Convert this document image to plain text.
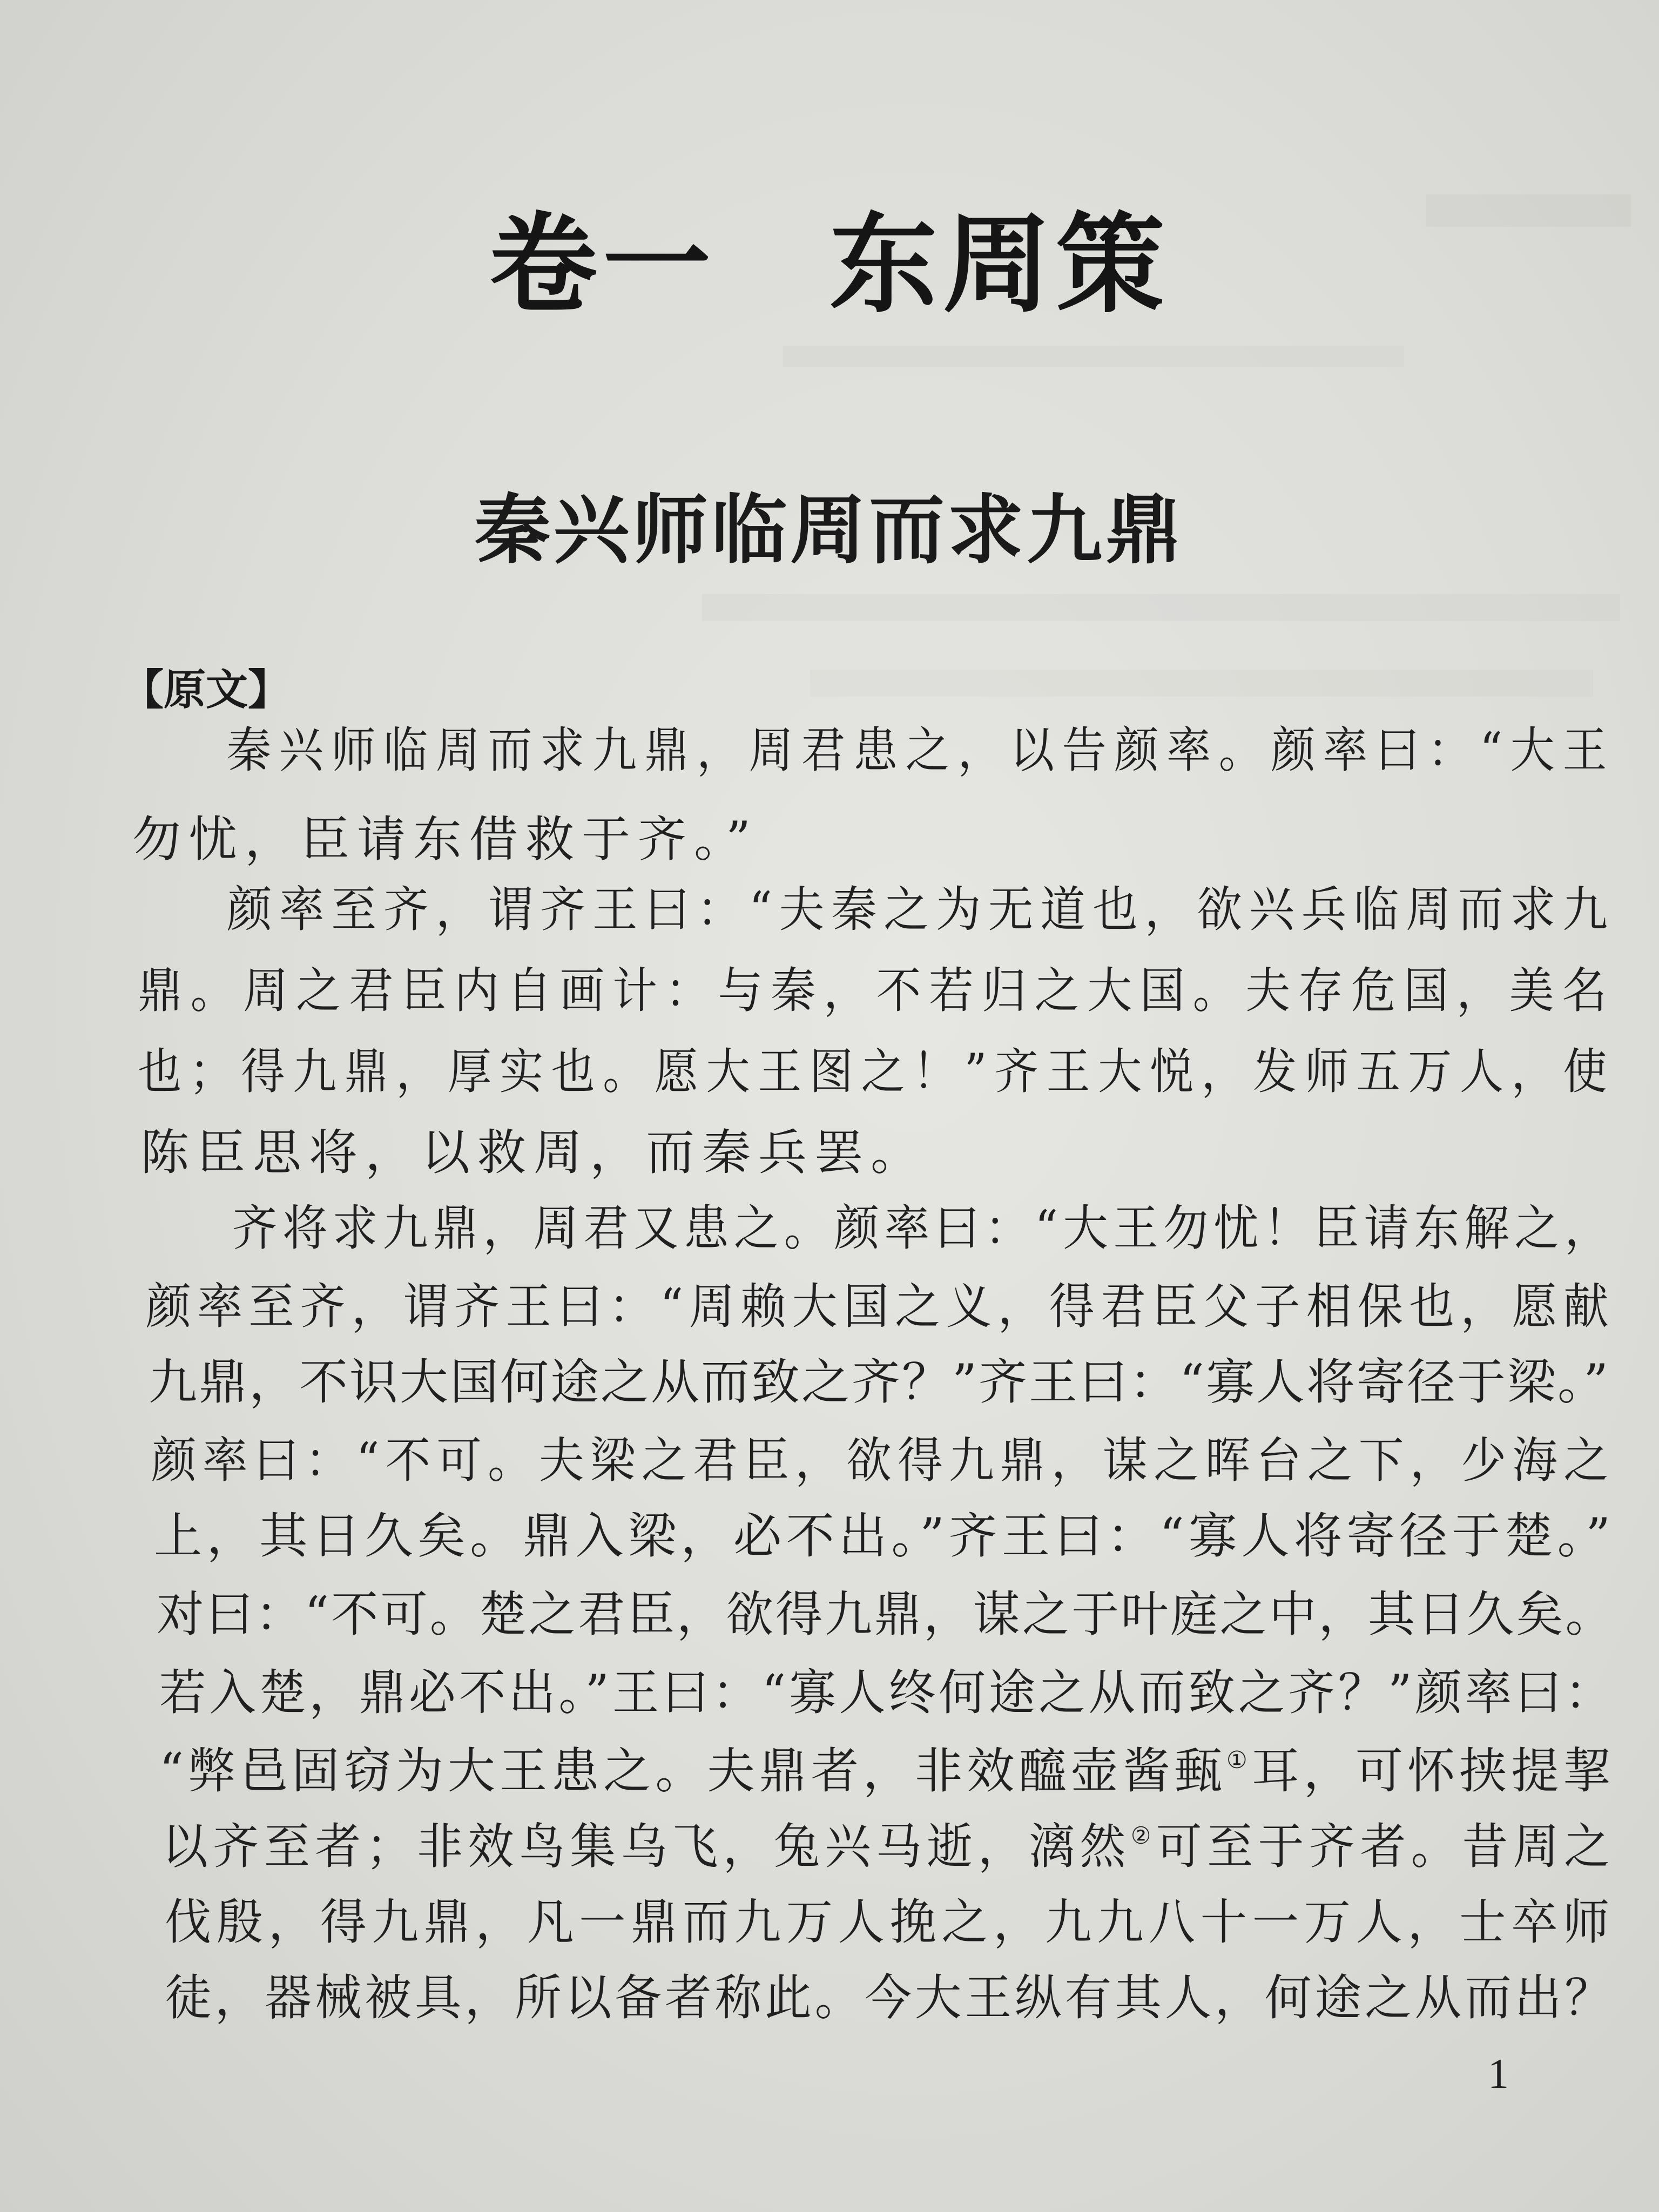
卷一　东周策
秦兴师临周而求九鼎
【原文】
秦兴师临周而求九鼎，周君患之，以告颜率。颜率曰：“大王
勿忧，臣请东借救于齐。”
颜率至齐，谓齐王曰：“夫秦之为无道也，欲兴兵临周而求九
鼎。周之君臣内自画计：与秦，不若归之大国。夫存危国，美名
也；得九鼎，厚实也。愿大王图之！”齐王大悦，发师五万人，使
陈臣思将，以救周，而秦兵罢。
齐将求九鼎，周君又患之。颜率曰：“大王勿忧！臣请东解之，
颜率至齐，谓齐王曰：“周赖大国之义，得君臣父子相保也，愿献
九鼎，不识大国何途之从而致之齐？”齐王曰：“寡人将寄径于梁。”
颜率曰：“不可。夫梁之君臣，欲得九鼎，谋之晖台之下，少海之
上，其日久矣。鼎入梁，必不出。”齐王曰：“寡人将寄径于楚。”
对曰：“不可。楚之君臣，欲得九鼎，谋之于叶庭之中，其日久矣。
若入楚，鼎必不出。”王曰：“寡人终何途之从而致之齐？”颜率曰：
“弊邑固窃为大王患之。夫鼎者，非效醯壶酱甀①耳，可怀挟提挈
以齐至者；非效鸟集乌飞，兔兴马逝，漓然②可至于齐者。昔周之
伐殷，得九鼎，凡一鼎而九万人挽之，九九八十一万人，士卒师
徒，器械被具，所以备者称此。今大王纵有其人，何途之从而出？
1
